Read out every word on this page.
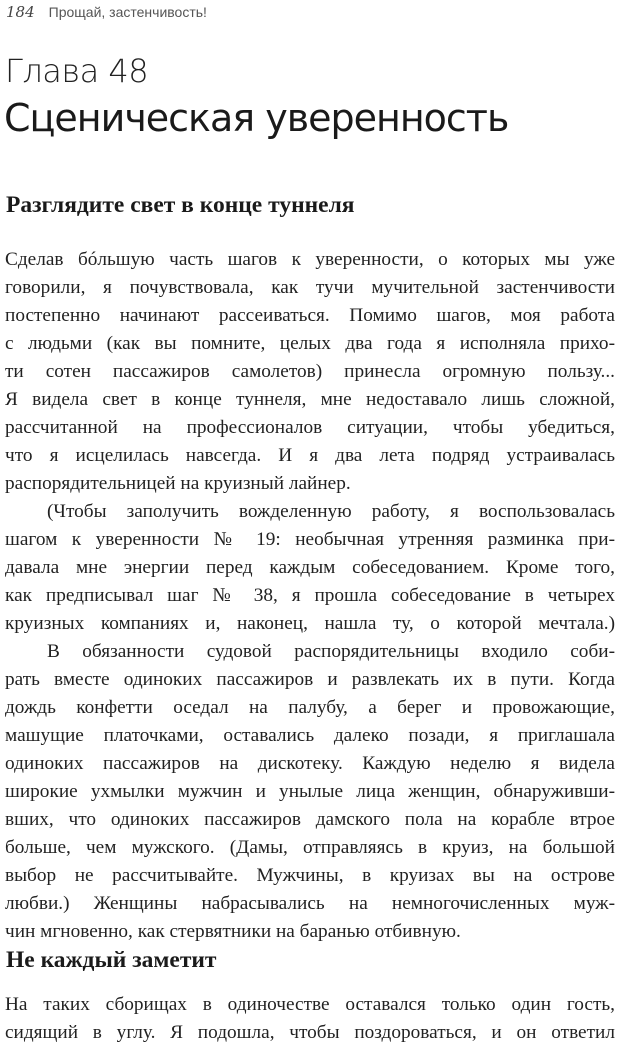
184 Прощай, застенчивость!
Глава 48
Сценическая уверенность
Разглядите свет в конце туннеля
Сделав бóльшую часть шагов к уверенности, о которых мы уже
говорили, я почувствовала, как тучи мучительной застенчивости
постепенно начинают рассеиваться. Помимо шагов, моя работа
с людьми (как вы помните, целых два года я исполняла прихо-
ти сотен пассажиров самолетов) принесла огромную пользу...
Я видела свет в конце туннеля, мне недоставало лишь сложной,
рассчитанной на профессионалов ситуации, чтобы убедиться,
что я исцелилась навсегда. И я два лета подряд устраивалась
распорядительницей на круизный лайнер.
(Чтобы заполучить вожделенную работу, я воспользовалась
шагом к уверенности № 19: необычная утренняя разминка при-
давала мне энергии перед каждым собеседованием. Кроме того,
как предписывал шаг № 38, я прошла собеседование в четырех
круизных компаниях и, наконец, нашла ту, о которой мечтала.)
В обязанности судовой распорядительницы входило соби-
рать вместе одиноких пассажиров и развлекать их в пути. Когда
дождь конфетти оседал на палубу, а берег и провожающие,
машущие платочками, оставались далеко позади, я приглашала
одиноких пассажиров на дискотеку. Каждую неделю я видела
широкие ухмылки мужчин и унылые лица женщин, обнаруживши-
вших, что одиноких пассажиров дамского пола на корабле втрое
больше, чем мужского. (Дамы, отправляясь в круиз, на большой
выбор не рассчитывайте. Мужчины, в круизах вы на острове
любви.) Женщины набрасывались на немногочисленных муж-
чин мгновенно, как стервятники на баранью отбивную.
Не каждый заметит
На таких сборищах в одиночестве оставался только один гость,
сидящий в углу. Я подошла, чтобы поздороваться, и он ответил
